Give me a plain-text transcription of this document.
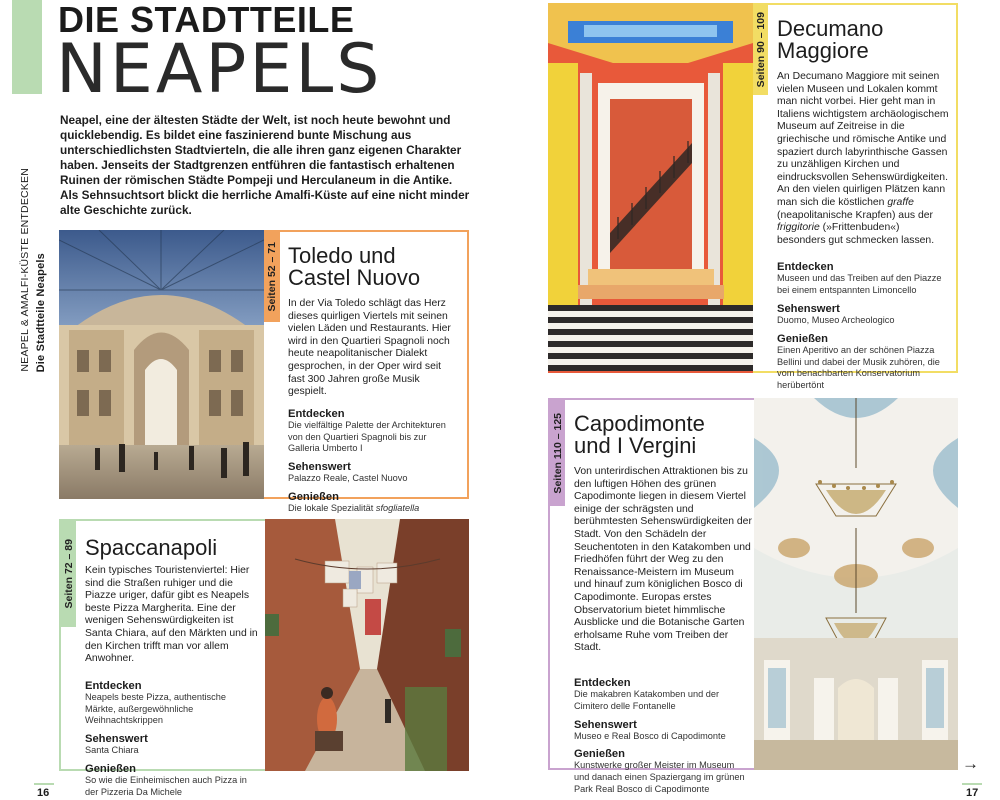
NEAPEL & AMALFI-KÜSTE ENTDECKEN Die Stadtteile Neapels
DIE STADTTEILE
NEAPELS

Neapel, eine der ältesten Städte der Welt, ist noch heute bewohnt und quicklebendig. Es bildet eine faszinierend bunte Mischung aus unterschiedlichsten Stadtvierteln, die alle ihren ganz eigenen Charakter haben. Jenseits der Stadtgrenzen entführen die fantastisch erhaltenen Ruinen der römischen Städte Pompeji und Herculaneum in die Antike. Als Sehnsuchtsort blickt die herrliche Amalfi-Küste auf eine nicht minder alte Geschichte zurück.

Seiten 52 – 71 Toledo und
Castel Nuovo

In der Via Toledo schlägt das Herz dieses quirligen Viertels mit seinen vielen Läden und Restaurants. Hier wird in den Quartieri Spagnoli noch heute neapolitanischer Dialekt gesprochen, in der Oper wird seit fast 300 Jahren große Musik gespielt.

Entdecken
Die vielfältige Palette der Architekturen von den Quartieri Spagnoli bis zur Galleria Umberto I
Sehenswert
Palazzo Reale, Castel Nuovo
Genießen
Die lokale Spezialität sfogliatella
Seiten 72 – 89 Spaccanapoli

Kein typisches Touristenviertel: Hier sind die Straßen ruhiger und die Piazze uriger, dafür gibt es Neapels beste Pizza Margherita. Eine der wenigen Sehenswürdigkeiten ist Santa Chiara, auf den Märkten und in den Kirchen trifft man vor allem Anwohner.

Entdecken
Neapels beste Pizza, authentische Märkte, außergewöhnliche Weihnachtskrippen
Sehenswert
Santa Chiara
Genießen
So wie die Einheimischen auch Pizza in der Pizzeria Da Michele
16
Seiten 90 – 109 Decumano
Maggiore

An Decumano Maggiore mit seinen vielen Museen und Lokalen kommt man nicht vorbei. Hier geht man in Italiens wichtigstem archäologischem Museum auf Zeitreise in die griechische und römische Antike und spaziert durch labyrinthische Gassen zu unzähligen Kirchen und eindrucksvollen Sehenswürdigkeiten. An den vielen quirligen Plätzen kann man sich die köstlichen graffe (neapolitanische Krapfen) aus der friggitorie (»Frittenbuden«) besonders gut schmecken lassen.

Entdecken
Museen und das Treiben auf den Piazze bei einem entspannten Limoncello
Sehenswert
Duomo, Museo Archeologico
Genießen
Einen Aperitivo an der schönen Piazza Bellini und dabei der Musik zuhören, die vom benachbarten Konservatorium herübertönt
Seiten 110 – 125 Capodimonte
und I Vergini

Von unterirdischen Attraktionen bis zu den luftigen Höhen des grünen Capodimonte liegen in diesem Viertel einige der schrägsten und berühmtesten Sehenswürdigkeiten der Stadt. Von den Schädeln der Seuchentoten in den Katakomben und Friedhöfen führt der Weg zu den Renaissance-Meistern im Museum und hinauf zum königlichen Bosco di Capodimonte. Europas erstes Observatorium bietet himmlische Ausblicke und die Botanische Garten erholsame Ruhe vom Treiben der Stadt.

Entdecken
Die makabren Katakomben und der Cimitero delle Fontanelle
Sehenswert
Museo e Real Bosco di Capodimonte
Genießen
Kunstwerke großer Meister im Museum und danach einen Spaziergang im grünen Park Real Bosco di Capodimonte
→
17
